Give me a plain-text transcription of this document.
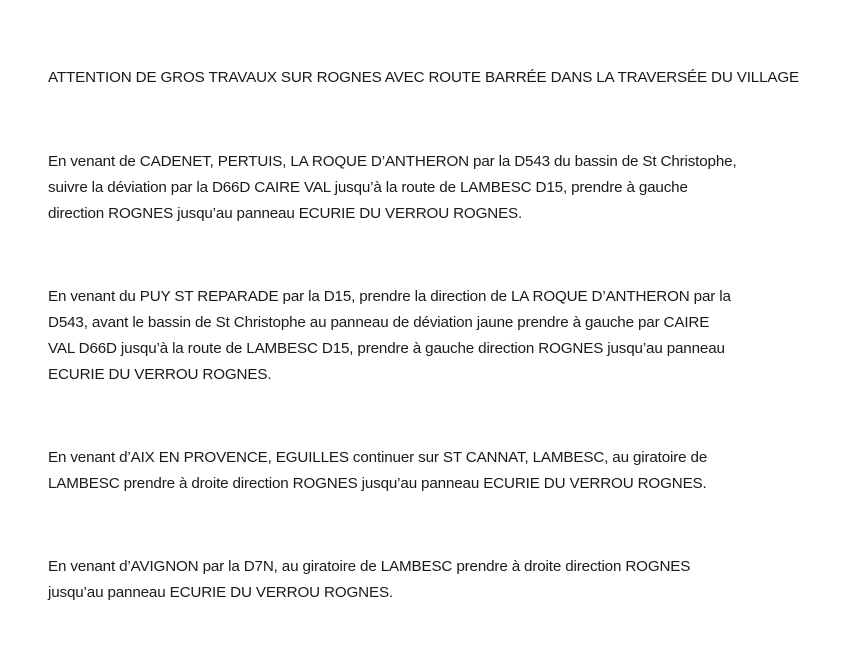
ATTENTION DE GROS TRAVAUX SUR ROGNES AVEC ROUTE BARRÉE DANS LA TRAVERSÉE DU VILLAGE
En venant de CADENET, PERTUIS, LA ROQUE D’ANTHERON par la D543 du bassin de St Christophe,
suivre la déviation par la D66D CAIRE VAL jusqu’à la route de LAMBESC D15, prendre à gauche
direction ROGNES jusqu’au panneau ECURIE DU VERROU ROGNES.
En venant du PUY ST REPARADE par la D15, prendre la direction de LA ROQUE D’ANTHERON par la
D543, avant le bassin de St Christophe au panneau de déviation jaune prendre à gauche par CAIRE
VAL D66D jusqu’à la route de LAMBESC D15, prendre à gauche direction ROGNES jusqu’au panneau
ECURIE DU VERROU ROGNES.
En venant d’AIX EN PROVENCE, EGUILLES continuer sur ST CANNAT, LAMBESC, au giratoire de
LAMBESC prendre à droite direction ROGNES jusqu’au panneau ECURIE DU VERROU ROGNES.
En venant d’AVIGNON par la D7N, au giratoire de LAMBESC prendre à droite direction ROGNES
jusqu’au panneau ECURIE DU VERROU ROGNES.
